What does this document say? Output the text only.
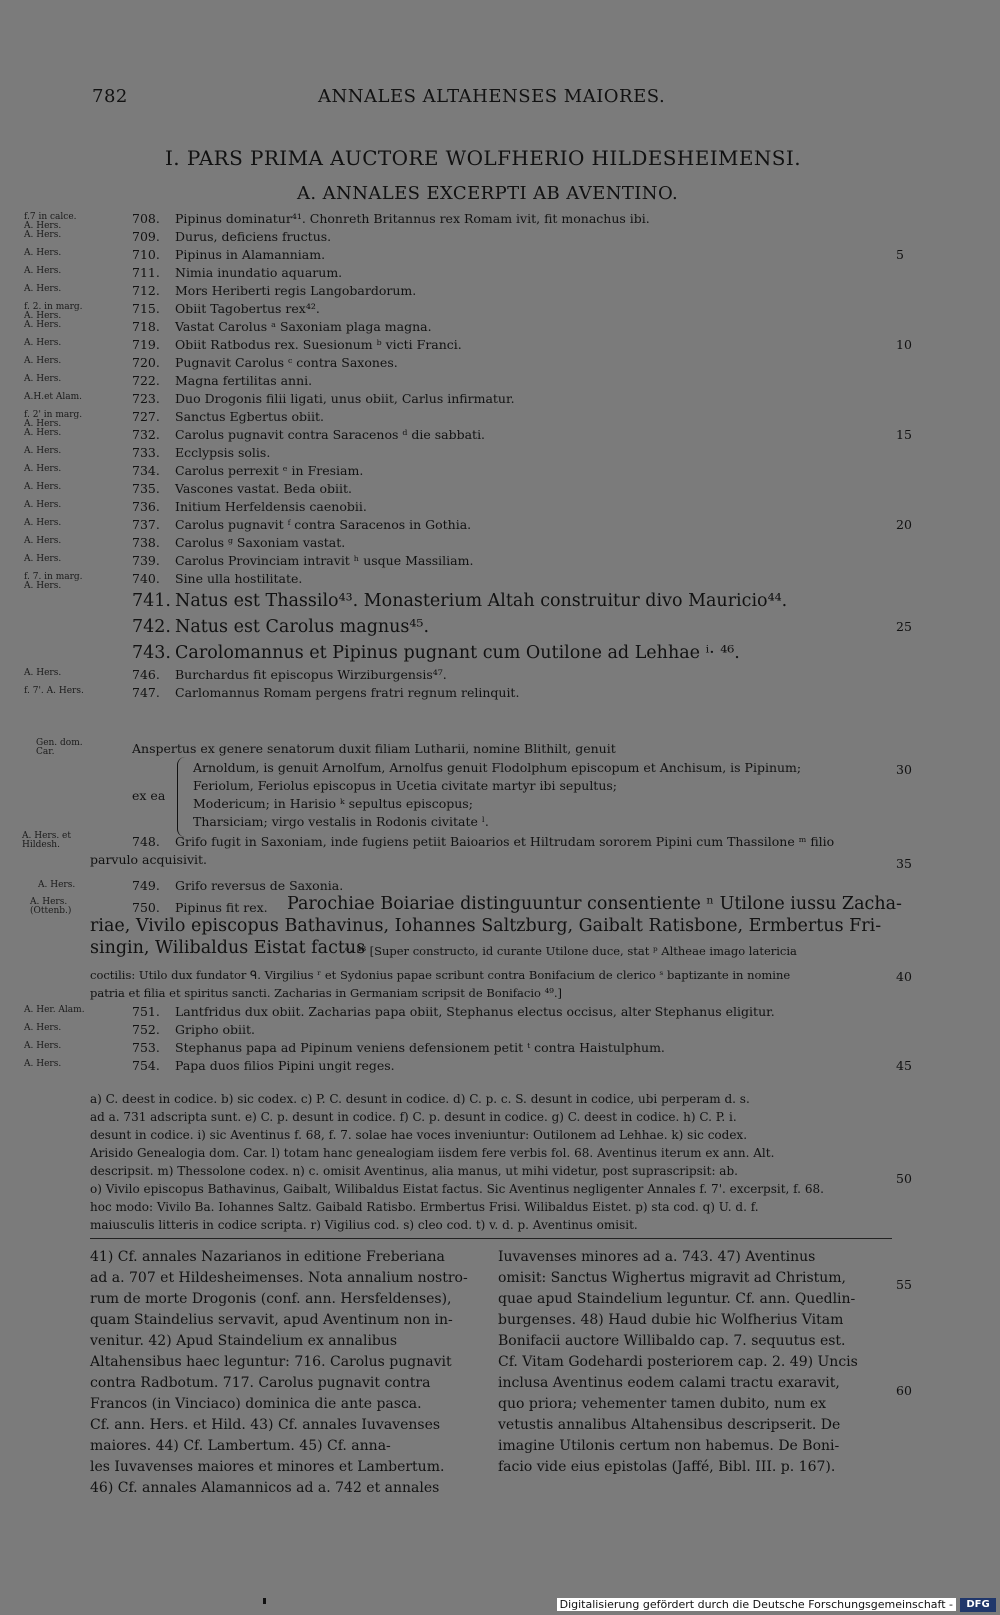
782	ANNALES ALTAHENSES MAIORES.
I. PARS PRIMA AUCTORE WOLFHERIO HILDESHEIMENSI.
A. ANNALES EXCERPTI AB AVENTINO.
f.7 in calce.
A. Hers.	708. Pipinus dominatur⁴¹. Chonreth Britannus rex Romam ivit, fit monachus ibi.
A. Hers.	709. Durus, deficiens fructus.
A. Hers.	710. Pipinus in Alamanniam.	5
A. Hers.	711. Nimia inundatio aquarum.
A. Hers.	712. Mors Heriberti regis Langobardorum.
f. 2. in marg.
A. Hers.	715. Obiit Tagobertus rex⁴².
A. Hers.	718. Vastat Carolus ᵃ Saxoniam plaga magna.
A. Hers.	719. Obiit Ratbodus rex. Suesionum ᵇ victi Franci.	10
A. Hers.	720. Pugnavit Carolus ᶜ contra Saxones.
A. Hers.	722. Magna fertilitas anni.
A.H.et Alam.	723. Duo Drogonis filii ligati, unus obiit, Carlus infirmatur.
f. 2' in marg.
A. Hers.	727. Sanctus Egbertus obiit.
A. Hers.	732. Carolus pugnavit contra Saracenos ᵈ die sabbati.	15
A. Hers.	733. Ecclypsis solis.
A. Hers.	734. Carolus perrexit ᵉ in Fresiam.
A. Hers.	735. Vascones vastat. Beda obiit.
A. Hers.	736. Initium Herfeldensis caenobii.
A. Hers.	737. Carolus pugnavit ᶠ contra Saracenos in Gothia.	20
A. Hers.	738. Carolus ᵍ Saxoniam vastat.
A. Hers.	739. Carolus Provinciam intravit ʰ usque Massiliam.
f. 7. in marg.
A. Hers.	740. Sine ulla hostilitate.
741. Natus est Thassilo⁴³. Monasterium Altah construitur divo Mauricio⁴⁴.
742. Natus est Carolus magnus⁴⁵.	25
743. Carolomannus et Pipinus pugnant cum Outilone ad Lehhae ⁱ· ⁴⁶.
A. Hers.	746. Burchardus fit episcopus Wirziburgensis⁴⁷.
f. 7'. A. Hers.	747. Carlomannus Romam pergens fratri regnum relinquit.
Gen. dom.
Car.	Anspertus ex genere senatorum duxit filiam Lutharii, nomine Blithilt, genuit
ex ea
Arnoldum, is genuit Arnolfum, Arnolfus genuit Flodolphum episcopum et Anchisum, is Pipinum;
Feriolum, Feriolus episcopus in Ucetia civitate martyr ibi sepultus;
Modericum; in Harisio ᵏ sepultus episcopus;
Tharsiciam; virgo vestalis in Rodonis civitate ˡ.
30
A. Hers. et
Hildesh.	748. Grifo fugit in Saxoniam, inde fugiens petiit Baioarios et Hiltrudam sororem Pipini cum Thassilone ᵐ filio
parvulo acquisivit.	35
A. Hers.	749. Grifo reversus de Saxonia.
A. Hers.
(Ottenb.)	750. Pipinus fit rex. Parochiae Boiariae distinguuntur consentiente ⁿ Utilone iussu Zacha-
riae, Vivilo episcopus Bathavinus, Iohannes Saltzburg, Gaibalt Ratisbone, Ermbertus Fri-
singin, Wilibaldus Eistat factus
ᵒ· ⁴⁸ [Super constructo, id curante Utilone duce, stat ᵖ Altheae imago latericia
coctilis: Utilo dux fundator ᑫ. Virgilius ʳ et Sydonius papae scribunt contra Bonifacium de clerico ˢ baptizante in nomine
patria et filia et spiritus sancti. Zacharias in Germaniam scripsit de Bonifacio ⁴⁹.]
40
A. Her. Alam.	751. Lantfridus dux obiit. Zacharias papa obiit, Stephanus electus occisus, alter Stephanus eligitur.
A. Hers.	752. Gripho obiit.
A. Hers.	753. Stephanus papa ad Pipinum veniens defensionem petit ᵗ contra Haistulphum.
A. Hers.	754. Papa duos filios Pipini ungit reges.	45
a) C. deest in codice. b) sic codex. c) P. C. desunt in codice. d) C. p. c. S. desunt in codice, ubi perperam d. s.
ad a. 731 adscripta sunt. e) C. p. desunt in codice. f) C. p. desunt in codice. g) C. deest in codice. h) C. P. i.
desunt in codice. i) sic Aventinus f. 68, f. 7. solae hae voces inveniuntur: Outilonem ad Lehhae. k) sic codex.
Arisido Genealogia dom. Car. l) totam hanc genealogiam iisdem fere verbis fol. 68. Aventinus iterum ex ann. Alt.
descripsit. m) Thessolone codex. n) c. omisit Aventinus, alia manus, ut mihi videtur, post suprascripsit: ab.
o) Vivilo episcopus Bathavinus, Gaibalt, Wilibaldus Eistat factus. Sic Aventinus negligenter Annales f. 7'. excerpsit, f. 68.
hoc modo: Vivilo Ba. Iohannes Saltz. Gaibald Ratisbo. Ermbertus Frisi. Wilibaldus Eistet. p) sta cod. q) U. d. f.
maiusculis litteris in codice scripta. r) Vigilius cod. s) cleo cod. t) v. d. p. Aventinus omisit.
50
41) Cf. annales Nazarianos in editione Freberiana
ad a. 707 et Hildesheimenses. Nota annalium nostro-
rum de morte Drogonis (conf. ann. Hersfeldenses),
quam Staindelius servavit, apud Aventinum non in-
venitur. 42) Apud Staindelium ex annalibus
Altahensibus haec leguntur: 716. Carolus pugnavit
contra Radbotum. 717. Carolus pugnavit contra
Francos (in Vinciaco) dominica die ante pasca.
Cf. ann. Hers. et Hild. 43) Cf. annales Iuvavenses
maiores. 44) Cf. Lambertum. 45) Cf. anna-
les Iuvavenses maiores et minores et Lambertum.
46) Cf. annales Alamannicos ad a. 742 et annales
Iuvavenses minores ad a. 743. 47) Aventinus
omisit: Sanctus Wighertus migravit ad Christum,
quae apud Staindelium leguntur. Cf. ann. Quedlin-
burgenses. 48) Haud dubie hic Wolfherius Vitam
Bonifacii auctore Willibaldo cap. 7. sequutus est.
Cf. Vitam Godehardi posteriorem cap. 2. 49) Uncis
inclusa Aventinus eodem calami tractu exaravit,
quo priora; vehementer tamen dubito, num ex
vetustis annalibus Altahensibus descripserit. De
imagine Utilonis certum non habemus. De Boni-
facio vide eius epistolas (Jaffé, Bibl. III. p. 167).
55
60
Digitalisierung gefördert durch die Deutsche Forschungsgemeinschaft -	DFG
